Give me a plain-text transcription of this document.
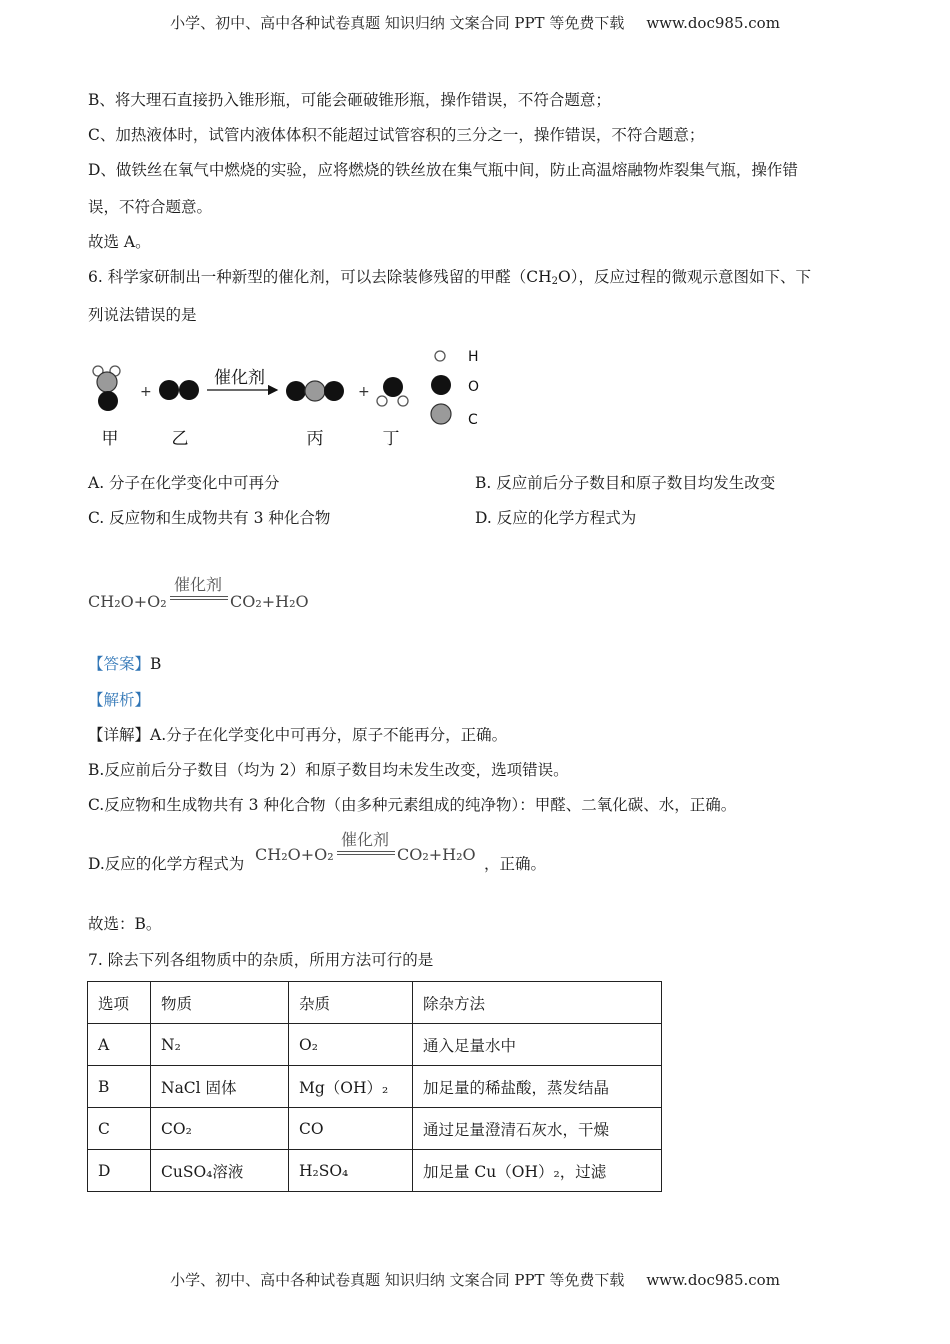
小学、初中、高中各种试卷真题 知识归纳 文案合同 PPT 等免费下载 www.doc985.com
B、将大理石直接扔入锥形瓶，可能会砸破锥形瓶，操作错误，不符合题意；
C、加热液体时，试管内液体体积不能超过试管容积的三分之一，操作错误，不符合题意；
D、做铁丝在氧气中燃烧的实验，应将燃烧的铁丝放在集气瓶中间，防止高温熔融物炸裂集气瓶，操作错
误，不符合题意。
故选 A。
6. 科学家研制出一种新型的催化剂，可以去除装修残留的甲醛$(CH_2O)$，反应过程的微观示意图如下、下
列说法错误的是
+
催化剂
+
甲	乙	丙	丁
H
O
C
A. 分子在化学变化中可再分	B. 反应前后分子数目和原子数目均发生改变
C. 反应物和生成物共有 3 种化合物	D. 反应的化学方程式为
催化剂
CH₂O+O₂	CO₂+H₂O
【答案】B
【解析】
【详解】A.分子在化学变化中可再分，原子不能再分，正确。
B.反应前后分子数目（均为 2）和原子数目均未发生改变，选项错误。
C.反应物和生成物共有 3 种化合物（由多种元素组成的纯净物）：甲醛、二氧化碳、水，正确。
D.反应的化学方程式为
催化剂
CH₂O+O₂	CO₂+H₂O ，正确。
故选：B。
7. 除去下列各组物质中的杂质，所用方法可行的是
选项	物质	杂质	除杂方法
A	N₂	O₂	通入足量水中
B	NaCl 固体	Mg（OH）₂	加足量的稀盐酸，蒸发结晶
C	CO₂	CO	通过足量澄清石灰水，干燥
D	CuSO₄溶液	H₂SO₄	加足量 Cu（OH）₂，过滤
小学、初中、高中各种试卷真题 知识归纳 文案合同 PPT 等免费下载 www.doc985.com
